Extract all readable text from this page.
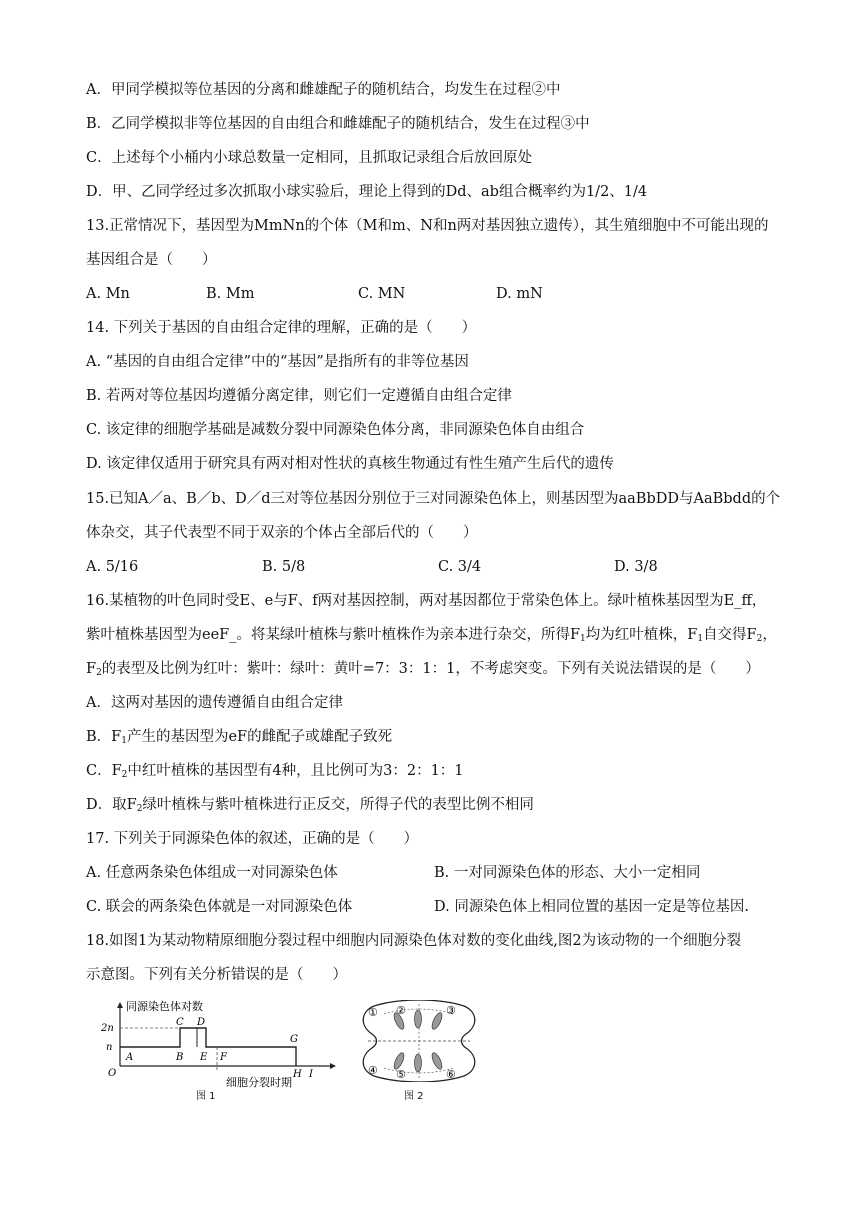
A．甲同学模拟等位基因的分离和雌雄配子的随机结合，均发生在过程②中
B．乙同学模拟非等位基因的自由组合和雌雄配子的随机结合，发生在过程③中
C．上述每个小桶内小球总数量一定相同，且抓取记录组合后放回原处
D．甲、乙同学经过多次抓取小球实验后，理论上得到的Dd、ab组合概率约为1/2、1/4
13.正常情况下，基因型为MmNn的个体（M和m、N和n两对基因独立遗传），其生殖细胞中不可能出现的
基因组合是（　　）
A. Mn	B. Mm	C. MN	D. mN
14. 下列关于基因的自由组合定律的理解，正确的是（　　）
A. “基因的自由组合定律”中的“基因”是指所有的非等位基因
B. 若两对等位基因均遵循分离定律，则它们一定遵循自由组合定律
C. 该定律的细胞学基础是减数分裂中同源染色体分离，非同源染色体自由组合
D. 该定律仅适用于研究具有两对相对性状的真核生物通过有性生殖产生后代的遗传
15.已知A／a、B／b、D／d三对等位基因分别位于三对同源染色体上，则基因型为aaBbDD与AaBbdd的个
体杂交，其子代表型不同于双亲的个体占全部后代的（　　）
A. 5/16	B. 5/8	C. 3/4	D. 3/8
16.某植物的叶色同时受E、e与F、f两对基因控制，两对基因都位于常染色体上。绿叶植株基因型为E_ff，
紫叶植株基因型为eeF_。将某绿叶植株与紫叶植株作为亲本进行杂交，所得$F_1$均为红叶植株，$F_1$自交得$F_2$，
$F_2$的表型及比例为红叶：紫叶：绿叶：黄叶=7：3：1：1，不考虑突变。下列有关说法错误的是（　　）
A．这两对基因的遗传遵循自由组合定律
B．$F_1$产生的基因型为eF的雌配子或雄配子致死
C．$F_2$中红叶植株的基因型有4种，且比例可为3：2：1：1
D．取$F_2$绿叶植株与紫叶植株进行正反交，所得子代的表型比例不相同
17. 下列关于同源染色体的叙述，正确的是（　　）
A. 任意两条染色体组成一对同源染色体	B. 一对同源染色体的形态、大小一定相同
C. 联会的两条染色体就是一对同源染色体	D. 同源染色体上相同位置的基因一定是等位基因.
18.如图1为某动物精原细胞分裂过程中细胞内同源染色体对数的变化曲线,图2为该动物的一个细胞分裂
示意图。下列有关分析错误的是（　　）
同源染色体对数
细胞分裂时期
2n
n
O
A	B
C D
E F
G
H I
图 1
① ②	③
④ ⑤	⑥
图 2
